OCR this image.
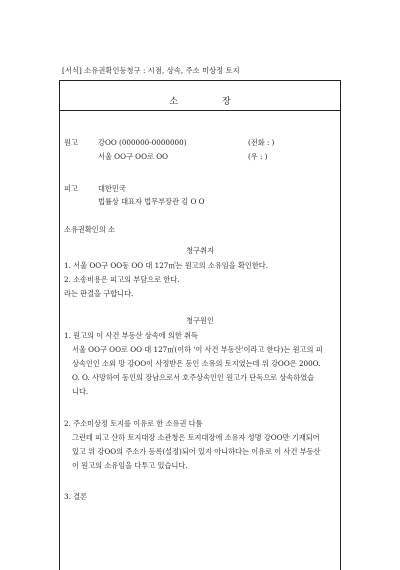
[서식] 소유권확인등청구 : 시점, 상속, 주소 미상정 토지
소장
원고	강OO (000000-0000000)	(전화 : )
서울 OO구 OO로 OO	(우 : )
피고	대한민국
법률상 대표자 법무부장관 김 O O
소유권확인의 소
청구취지
1. 서울 OO구 OO동 OO 대 127㎡는 원고의 소유임을 확인한다.
2. 소송비용은 피고의 부담으로 한다.
라는 판결을 구합니다.
청구원인
1. 원고의 이 사건 부동산 상속에 의한 취득
서울 OO구 OO로 OO 대 127㎡(이하 '이 사건 부동산'이라고 한다)는 원고의 피
상속인인 소외 망 강OO이 사정받은 동인 소유의 토지였는데 위 강OO은 200O.
O. O. 사망하여 동인의 장남으로서 호주상속인인 원고가 단독으로 상속하였습
니다.
2. 주소미상정 토지를 이유로 한 소유권 다툼
그런데 피고 산하 토지대장 소관청은 토지대장에 소유자 성명 강OO만 기재되어
있고 위 강OO의 주소가 등록(설정)되어 있지 아니하다는 이유로 이 사건 부동산
이 원고의 소유임을 다투고 있습니다.
3. 결론
